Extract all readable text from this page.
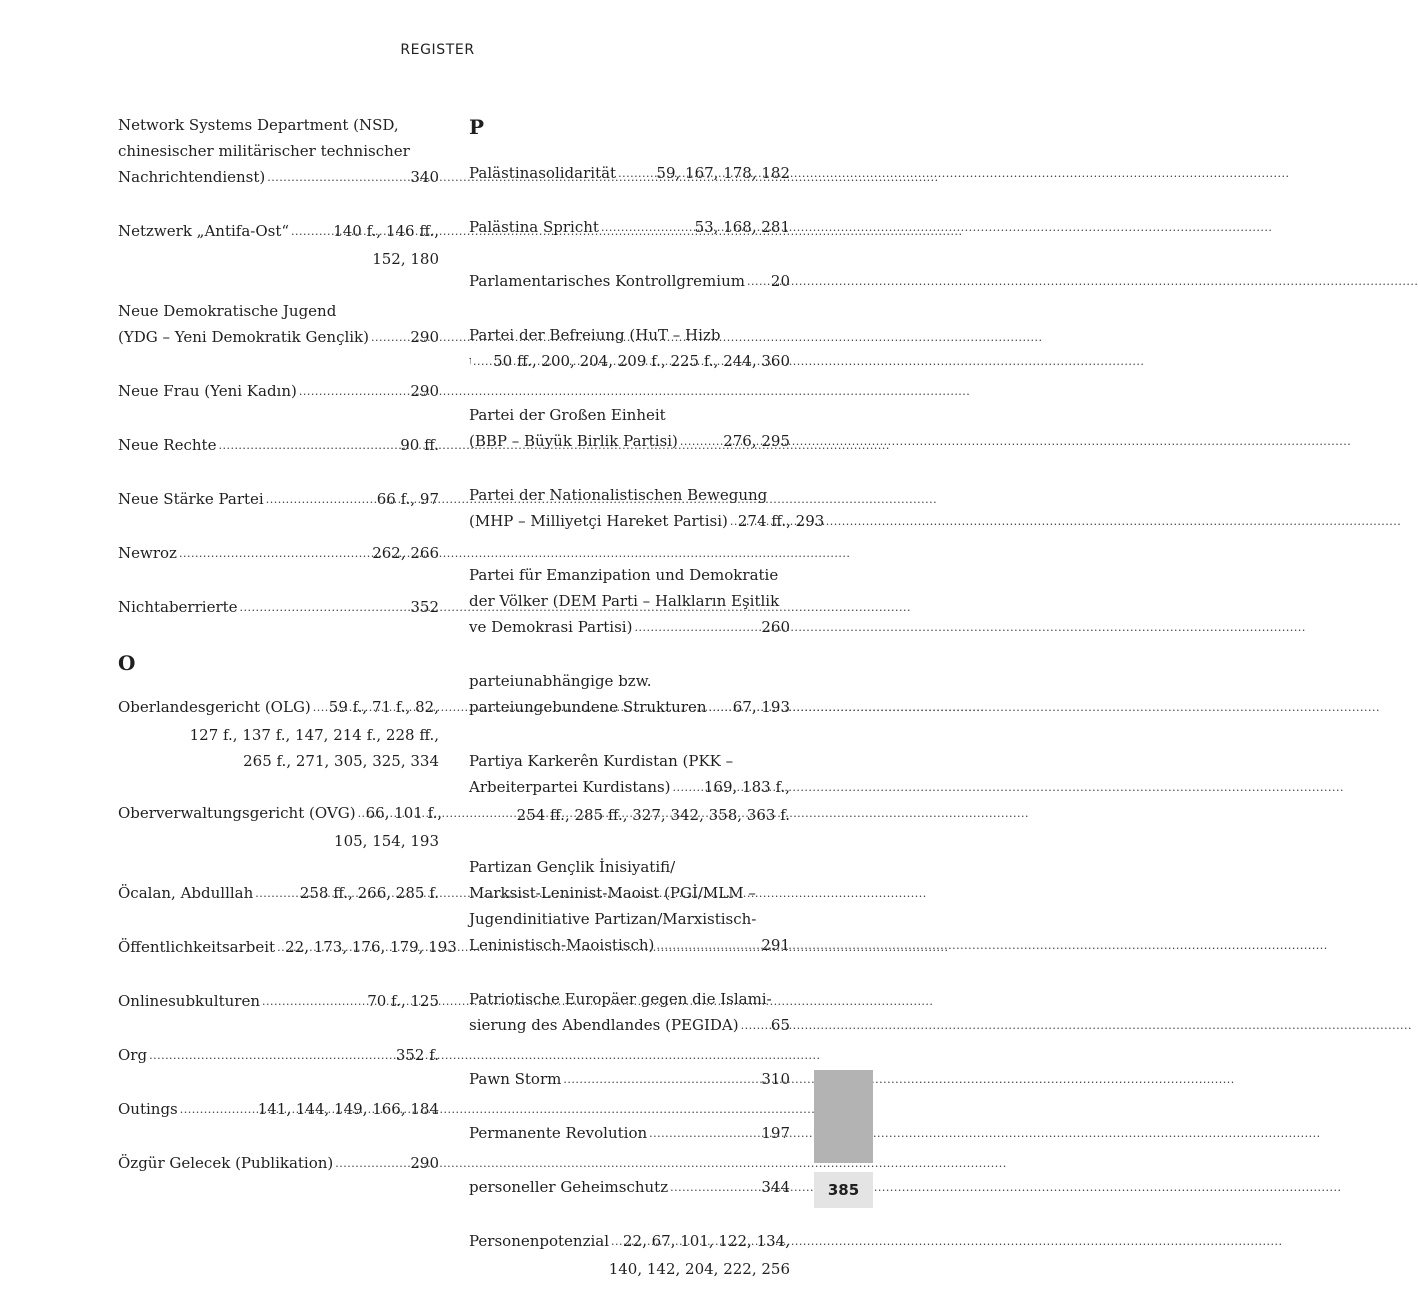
REGISTER
Network Systems Department (NSD,
chinesischer militärischer technischer
Nachrichtendienst) .....	340
Netzwerk „Antifa-Ost“ .....	140 f., 146 ff.,
152, 180
Neue Demokratische Jugend
(YDG – Yeni Demokratik Gençlik) .....	290
Neue Frau (Yeni Kadın) .....	290
Neue Rechte .....	90 ff.
Neue Stärke Partei .....	66 f., 97
Newroz .....	262, 266
Nichtaberrierte .....	352
O
Oberlandesgericht (OLG) ..... 59 f., 71 f., 82,
127 f., 137 f., 147, 214 f., 228 ff.,
265 f., 271, 305, 325, 334
Oberverwaltungsgericht (OVG) ..... 66, 101 f.,
105, 154, 193
Öcalan, Abdulllah .....	258 ff., 266, 285 f.
Öffentlichkeitsarbeit ..... 22, 173, 176, 179, 193
Onlinesubkulturen .....	70 f., 125
Org .....	352 f.
Outings .....	141, 144, 149, 166, 184
Özgür Gelecek (Publikation) .....	290
P
Palästinasolidarität .....	59, 167, 178, 182
Palästina Spricht .....	53, 168, 281
Parlamentarisches Kontrollgremium ..... 20
Partei der Befreiung (HuT – Hizb
.....
50 ff., 200, 204, 209 f., 225 f., 244, 360
Partei der Großen Einheit
(BBP – Büyük Birlik Partisi) .....	276, 295
Partei der Nationalistischen Bewegung
(MHP – Milliyetçi Hareket Partisi) ..... 274 ff., 293
Partei für Emanzipation und Demokratie
der Völker (DEM Parti – Halkların Eşitlik
ve Demokrasi Partisi) .....	260
parteiunabhängige bzw.
parteiungebundene Strukturen ..... 67, 193
Partiya Karkerên Kurdistan (PKK –
Arbeiterpartei Kurdistans) ..... 169, 183 f.,
254 ff., 285 ff., 327, 342, 358, 363 f.
Partizan Gençlik İnisiyatifi/
Marksist-Leninist-Maoist (PGİ/MLM –
Jugendinitiative Partizan/Marxistisch-
Leninistisch-Maoistisch) .....	291
Patriotische Europäer gegen die Islami-
sierung des Abendlandes (PEGIDA) ..... 65
Pawn Storm .....	310
Permanente Revolution .....	197
personeller Geheimschutz .....	344
Personenpotenzial ..... 22, 67, 101, 122, 134,
140, 142, 204, 222, 256
385
